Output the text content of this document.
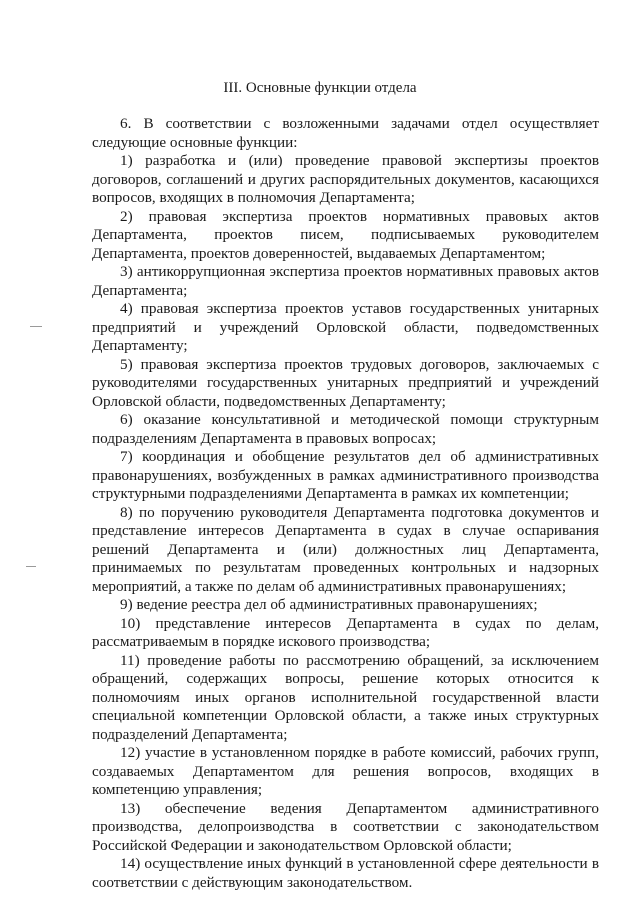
III. Основные функции отдела

6. В соответствии с возложенными задачами отдел осуществляет следующие основные функции:

1) разработка и (или) проведение правовой экспертизы проектов договоров, соглашений и других распорядительных документов, касающихся вопросов, входящих в полномочия Департамента;

2) правовая экспертиза проектов нормативных правовых актов Департамента, проектов писем, подписываемых руководителем Департамента, проектов доверенностей, выдаваемых Департаментом;

3) антикоррупционная экспертиза проектов нормативных правовых актов Департамента;

4) правовая экспертиза проектов уставов государственных унитарных предприятий и учреждений Орловской области, подведомственных Департаменту;

5) правовая экспертиза проектов трудовых договоров, заключаемых с руководителями государственных унитарных предприятий и учреждений Орловской области, подведомственных Департаменту;

6) оказание консультативной и методической помощи структурным подразделениям Департамента в правовых вопросах;

7) координация и обобщение результатов дел об административных правонарушениях, возбужденных в рамках административного производства структурными подразделениями Департамента в рамках их компетенции;

8) по поручению руководителя Департамента подготовка документов и представление интересов Департамента в судах в случае оспаривания решений Департамента и (или) должностных лиц Департамента, принимаемых по результатам проведенных контрольных и надзорных мероприятий, а также по делам об административных правонарушениях;

9) ведение реестра дел об административных правонарушениях;

10) представление интересов Департамента в судах по делам, рассматриваемым в порядке искового производства;

11) проведение работы по рассмотрению обращений, за исключением обращений, содержащих вопросы, решение которых относится к полномочиям иных органов исполнительной государственной власти специальной компетенции Орловской области, а также иных структурных подразделений Департамента;

12) участие в установленном порядке в работе комиссий, рабочих групп, создаваемых Департаментом для решения вопросов, входящих в компетенцию управления;

13) обеспечение ведения Департаментом административного производства, делопроизводства в соответствии с законодательством Российской Федерации и законодательством Орловской области;

14) осуществление иных функций в установленной сфере деятельности в соответствии с действующим законодательством.
